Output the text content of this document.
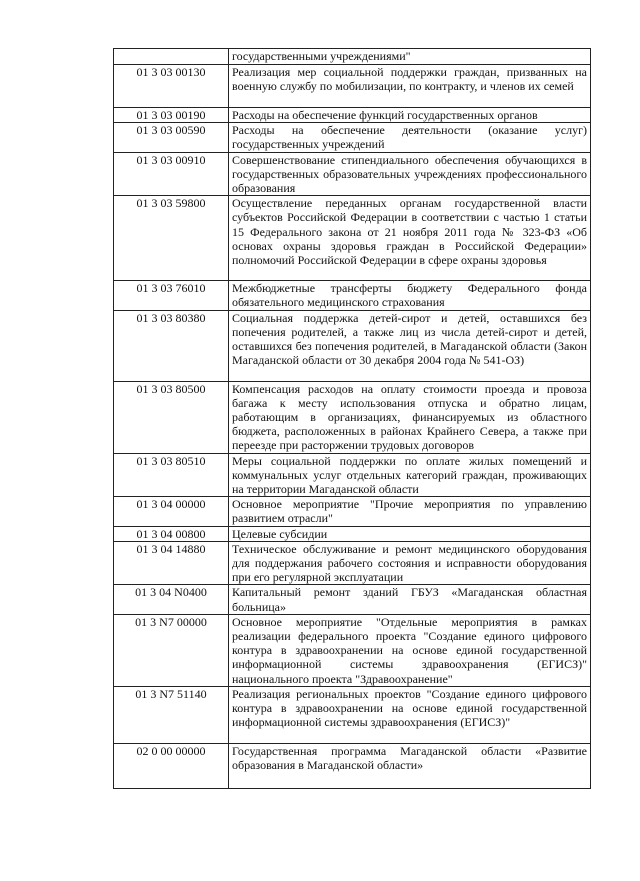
	государственными учреждениями"
01 3 03 00130	Реализация мер социальной поддержки граждан, призванных на военную службу по мобилизации, по контракту, и членов их семей
01 3 03 00190	Расходы на обеспечение функций государственных органов
01 3 03 00590	Расходы на обеспечение деятельности (оказание услуг) государственных учреждений
01 3 03 00910	Совершенствование стипендиального обеспечения обучающихся в государственных образовательных учреждениях профессионального образования
01 3 03 59800	Осуществление переданных органам государственной власти субъектов Российской Федерации в соответствии с частью 1 статьи 15 Федерального закона от 21 ноября 2011 года № 323-ФЗ «Об основах охраны здоровья граждан в Российской Федерации» полномочий Российской Федерации в сфере охраны здоровья
01 3 03 76010	Межбюджетные трансферты бюджету Федерального фонда обязательного медицинского страхования
01 3 03 80380	Социальная поддержка детей-сирот и детей, оставшихся без попечения родителей, а также лиц из числа детей-сирот и детей, оставшихся без попечения родителей, в Магаданской области (Закон Магаданской области от 30 декабря 2004 года № 541-ОЗ)
01 3 03 80500	Компенсация расходов на оплату стоимости проезда и провоза багажа к месту использования отпуска и обратно лицам, работающим в организациях, финансируемых из областного бюджета, расположенных в районах Крайнего Севера, а также при переезде при расторжении трудовых договоров
01 3 03 80510	Меры социальной поддержки по оплате жилых помещений и коммунальных услуг отдельных категорий граждан, проживающих на территории Магаданской области
01 3 04 00000	Основное мероприятие "Прочие мероприятия по управлению развитием отрасли"
01 3 04 00800	Целевые субсидии
01 3 04 14880	Техническое обслуживание и ремонт медицинского оборудования для поддержания рабочего состояния и исправности оборудования при его регулярной эксплуатации
01 3 04 N0400	Капитальный ремонт зданий ГБУЗ «Магаданская областная больница»
01 3 N7 00000	Основное мероприятие "Отдельные мероприятия в рамках реализации федерального проекта "Создание единого цифрового контура в здравоохранении на основе единой государственной информационной системы здравоохранения (ЕГИСЗ)" национального проекта "Здравоохранение"
01 3 N7 51140	Реализация региональных проектов "Создание единого цифрового контура в здравоохранении на основе единой государственной информационной системы здравоохранения (ЕГИСЗ)"
02 0 00 00000	Государственная программа Магаданской области «Развитие образования в Магаданской области»
